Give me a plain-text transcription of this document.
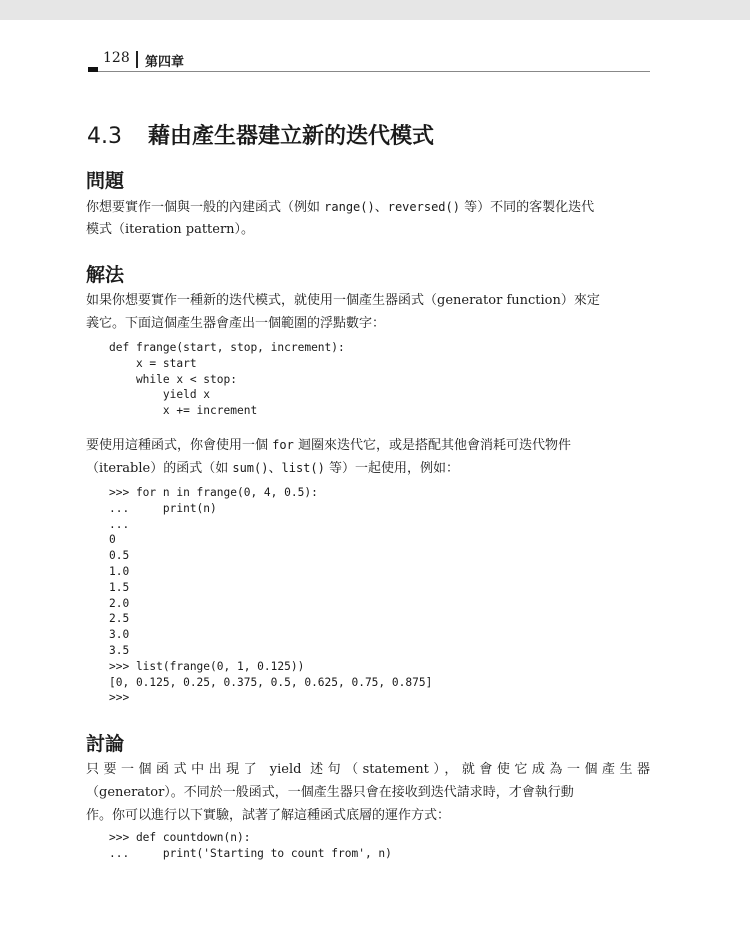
128 第四章
4.3 藉由產生器建立新的迭代模式
問題
你想要實作一個與一般的內建函式（例如 range()、reversed() 等）不同的客製化迭代
模式（iteration pattern）。
解法
如果你想要實作一種新的迭代模式，就使用一個產生器函式（generator function）來定
義它。下面這個產生器會產出一個範圍的浮點數字：
def frange(start, stop, increment):
x = start
while x < stop:
yield x
x += increment
要使用這種函式，你會使用一個 for 迴圈來迭代它，或是搭配其他會消耗可迭代物件
（iterable）的函式（如 sum()、list() 等）一起使用，例如：
>>> for n in frange(0, 4, 0.5):
...     print(n)
...
0
0.5
1.0
1.5
2.0
2.5
3.0
3.5
>>> list(frange(0, 1, 0.125))
[0, 0.125, 0.25, 0.375, 0.5, 0.625, 0.75, 0.875]
>>>
討論
只要一個函式中出現了 yield 述句（statement），就會使它成為一個產生器
（generator）。不同於一般函式，一個產生器只會在接收到迭代請求時，才會執行動
作。你可以進行以下實驗，試著了解這種函式底層的運作方式：
>>> def countdown(n):
...     print('Starting to count from', n)
